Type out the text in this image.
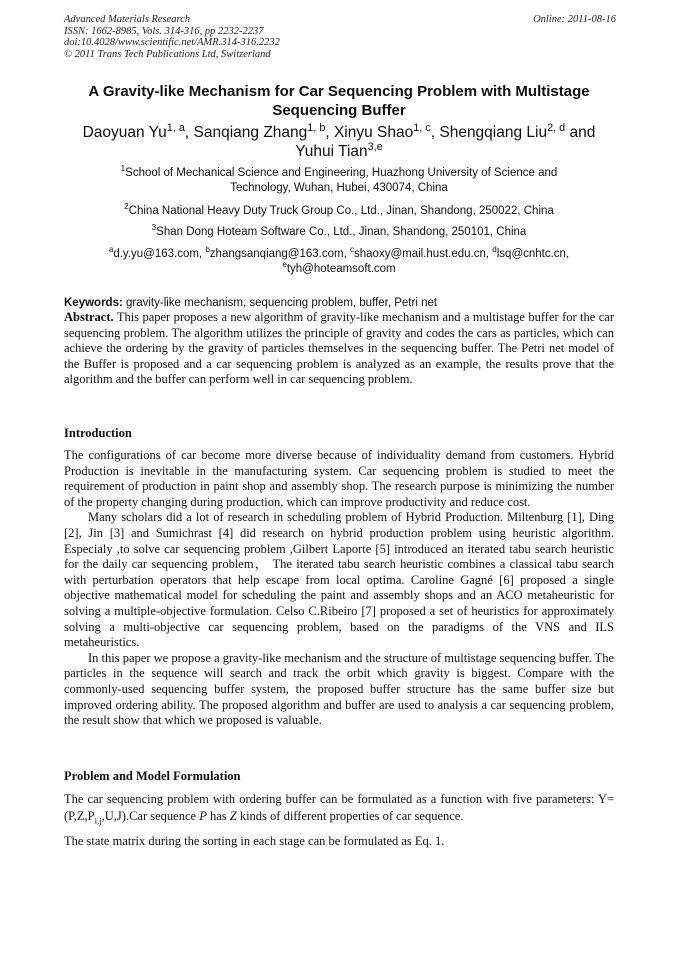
Advanced Materials Research	Online: 2011-08-16
ISSN: 1662-8985, Vols. 314-316, pp 2232-2237
doi:10.4028/www.scientific.net/AMR.314-316.2232
© 2011 Trans Tech Publications Ltd, Switzerland
A Gravity-like Mechanism for Car Sequencing Problem with Multistage
Sequencing Buffer
Daoyuan Yu$^{1, a}$, Sanqiang Zhang$^{1, b}$, Xinyu Shao$^{1, c}$, Shengqiang Liu$^{2, d}$ and
Yuhui Tian$^{3,e}$
$^1$School of Mechanical Science and Engineering, Huazhong University of Science and
Technology, Wuhan, Hubei, 430074, China
$^2$China National Heavy Duty Truck Group Co., Ltd., Jinan, Shandong, 250022, China
$^3$Shan Dong Hoteam Software Co., Ltd., Jinan, Shandong, 250101, China
$^a$d.y.yu@163.com, $^b$zhangsanqiang@163.com, $^c$shaoxy@mail.hust.edu.cn, $^d$lsq@cnhtc.cn,
$^e$tyh@hoteamsoft.com
Keywords: gravity-like mechanism, sequencing problem, buffer, Petri net
Abstract. This paper proposes a new algorithm of gravity-like mechanism and a multistage buffer for the car sequencing problem. The algorithm utilizes the principle of gravity and codes the cars as particles, which can achieve the ordering by the gravity of particles themselves in the sequencing buffer. The Petri net model of the Buffer is proposed and a car sequencing problem is analyzed as an example, the results prove that the algorithm and the buffer can perform well in car sequencing problem.
Introduction
The configurations of car become more diverse because of individuality demand from customers. Hybrid Production is inevitable in the manufacturing system. Car sequencing problem is studied to meet the requirement of production in paint shop and assembly shop. The research purpose is minimizing the number of the property changing during production, which can improve productivity and reduce cost.
Many scholars did a lot of research in scheduling problem of Hybrid Production. Miltenburg [1], Ding [2], Jin [3] and Sumichrast [4] did research on hybrid production problem using heuristic algorithm. Especialy ,to solve car sequencing problem ,Gilbert Laporte [5] introduced an iterated tabu search heuristic for the daily car sequencing problem， The iterated tabu search heuristic combines a classical tabu search with perturbation operators that help escape from local optima. Caroline Gagné [6] proposed a single objective mathematical model for scheduling the paint and assembly shops and an ACO metaheuristic for solving a multiple-objective formulation. Celso C.Ribeiro [7] proposed a set of heuristics for approximately solving a multi-objective car sequencing problem, based on the paradigms of the VNS and ILS metaheuristics.
In this paper we propose a gravity-like mechanism and the structure of multistage sequencing buffer. The particles in the sequence will search and track the orbit which gravity is biggest. Compare with the commonly-used sequencing buffer system, the proposed buffer structure has the same buffer size but improved ordering ability. The proposed algorithm and buffer are used to analysis a car sequencing problem, the result show that which we proposed is valuable.
Problem and Model Formulation
The car sequencing problem with ordering buffer can be formulated as a function with five parameters: $Y=(P,Z,P_{i,j},U,J).Car$ sequence P has Z kinds of different properties of car sequence.
The state matrix during the sorting in each stage can be formulated as Eq. 1.
